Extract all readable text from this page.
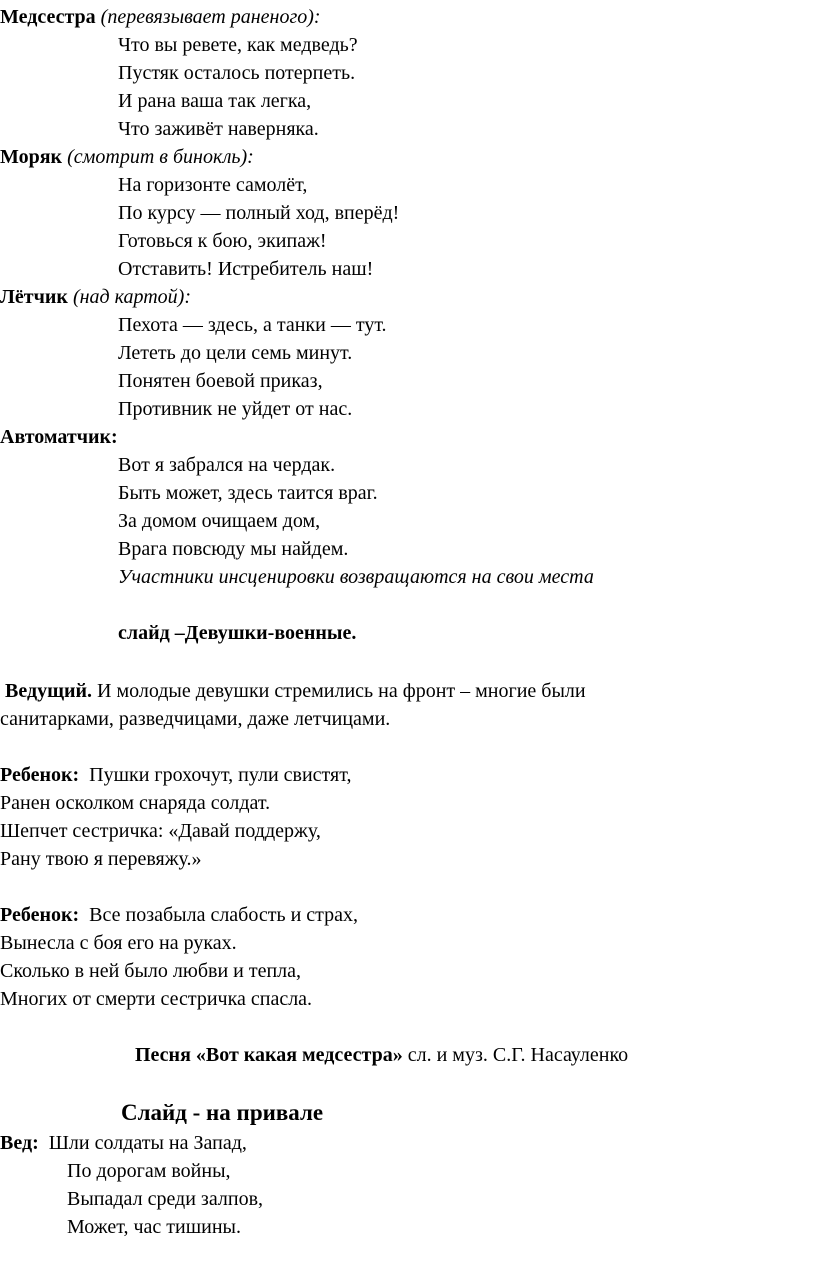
Медсестра (перевязывает раненого):
Что вы ревете, как медведь?
Пустяк осталось потерпеть.
И рана ваша так легка,
Что заживёт наверняка.
Моряк (смотрит в бинокль):
На горизонте самолёт,
По курсу — полный ход, вперёд!
Готовься к бою, экипаж!
Отставить! Истребитель наш!
Лётчик (над картой):
Пехота — здесь, а танки — тут.
Лететь до цели семь минут.
Понятен боевой приказ,
Противник не уйдет от нас.
Автоматчик:
Вот я забрался на чердак.
Быть может, здесь таится враг.
За домом очищаем дом,
Врага повсюду мы найдем.
Участники инсценировки возвращаются на свои места
слайд –Девушки-военные.
Ведущий. И молодые девушки стремились на фронт – многие были
санитарками, разведчицами, даже летчицами.
Ребенок: Пушки грохочут, пули свистят,
Ранен осколком снаряда солдат.
Шепчет сестричка: «Давай поддержу,
Рану твою я перевяжу.»
Ребенок: Все позабыла слабость и страх,
Вынесла с боя его на руках.
Сколько в ней было любви и тепла,
Многих от смерти сестричка спасла.
Песня «Вот какая медсестра» сл. и муз. С.Г. Насауленко
Слайд - на привале
Вед: Шли солдаты на Запад,
По дорогам войны,
Выпадал среди залпов,
Может, час тишины.
